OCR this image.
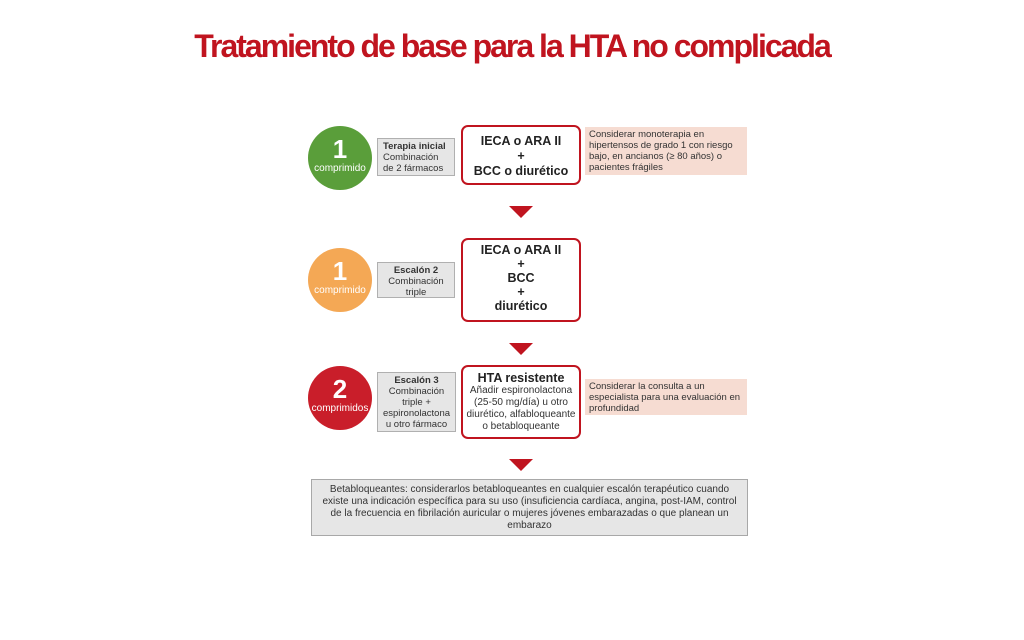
Tratamiento de base para la HTA no complicada
1
comprimido
Terapia inicial
Combinación
de 2 fármacos
IECA o ARA II
+
BCC o diurético
Considerar monoterapia en hipertensos de grado 1 con riesgo bajo, en ancianos (≥ 80 años) o pacientes frágiles
1
comprimido
Escalón 2
Combinación
triple
IECA o ARA II
+
BCC
+
diurético
2
comprimidos
Escalón 3
Combinación
triple +
espironolactona
u otro fármaco
HTA resistente
Añadir espironolactona
(25-50 mg/día) u otro
diurético, alfabloqueante
o betabloqueante
Considerar la consulta a un especialista para una evaluación en profundidad
Betabloqueantes: considerarlos betabloqueantes en cualquier escalón terapéutico cuando existe una indicación específica para su uso (insuficiencia cardíaca, angina, post-IAM, control de la frecuencia en fibrilación auricular o mujeres jóvenes embarazadas o que planean un embarazo
